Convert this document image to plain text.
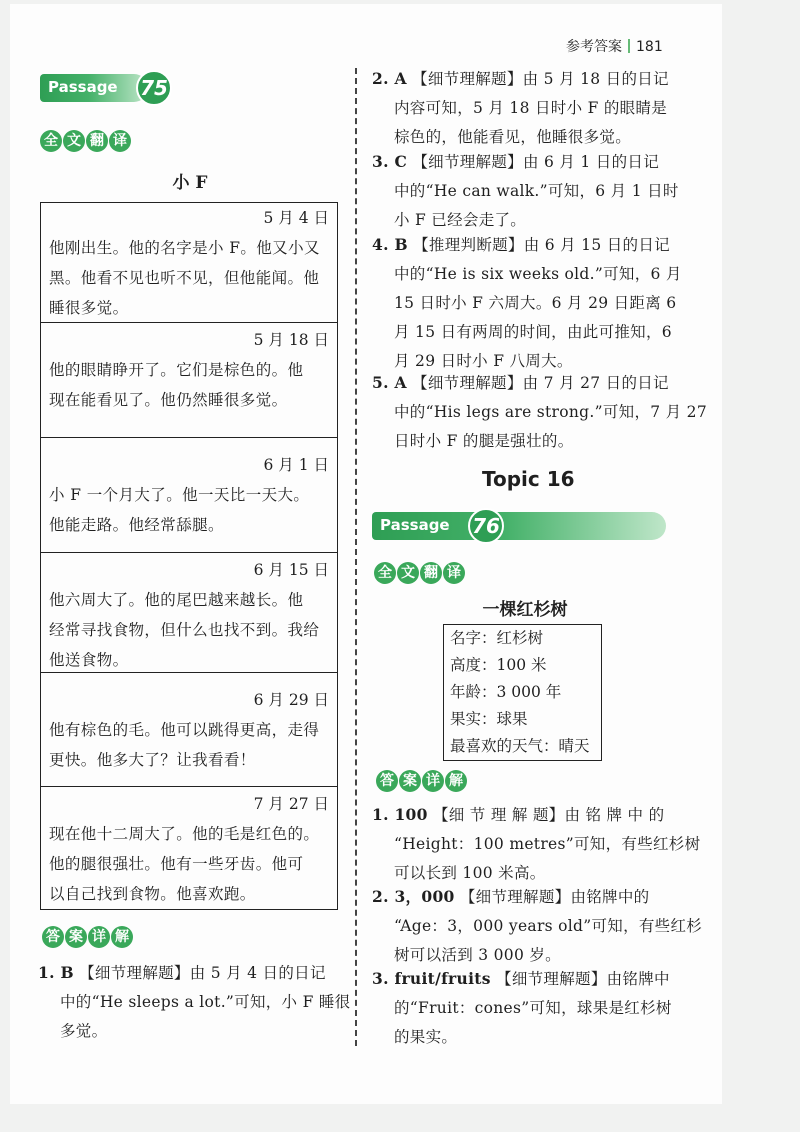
参考答案 181
Passage 75
全 文 翻 译
小 F
5 月 4 日
他刚出生。他的名字是小 F。他又小又
黑。他看不见也听不见，但他能闻。他
睡很多觉。
5 月 18 日
他的眼睛睁开了。它们是棕色的。他
现在能看见了。他仍然睡很多觉。
6 月 1 日
小 F 一个月大了。他一天比一天大。
他能走路。他经常舔腿。
6 月 15 日
他六周大了。他的尾巴越来越长。他
经常寻找食物，但什么也找不到。我给
他送食物。
6 月 29 日
他有棕色的毛。他可以跳得更高，走得
更快。他多大了？让我看看！
7 月 27 日
现在他十二周大了。他的毛是红色的。
他的腿很强壮。他有一些牙齿。他可
以自己找到食物。他喜欢跑。
答 案 详 解
1. B 【细节理解题】由 5 月 4 日的日记
中的“He sleeps a lot.”可知，小 F 睡很
多觉。
2. A 【细节理解题】由 5 月 18 日的日记
内容可知，5 月 18 日时小 F 的眼睛是
棕色的，他能看见，他睡很多觉。
3. C 【细节理解题】由 6 月 1 日的日记
中的“He can walk.”可知，6 月 1 日时
小 F 已经会走了。
4. B 【推理判断题】由 6 月 15 日的日记
中的“He is six weeks old.”可知，6 月
15 日时小 F 六周大。6 月 29 日距离 6
月 15 日有两周的时间，由此可推知，6
月 29 日时小 F 八周大。
5. A 【细节理解题】由 7 月 27 日的日记
中的“His legs are strong.”可知，7 月 27
日时小 F 的腿是强壮的。
Topic 16
Passage 76
全 文 翻 译
一棵红杉树
名字：红杉树
高度：100 米
年龄：3 000 年
果实：球果
最喜欢的天气：晴天
答 案 详 解
1. 100 【细 节 理 解 题】由 铭 牌 中 的
“Height：100 metres”可知，有些红杉树
可以长到 100 米高。
2. 3，000 【细节理解题】由铭牌中的
“Age：3，000 years old”可知，有些红杉
树可以活到 3 000 岁。
3. fruit/fruits 【细节理解题】由铭牌中
的“Fruit：cones”可知，球果是红杉树
的果实。
